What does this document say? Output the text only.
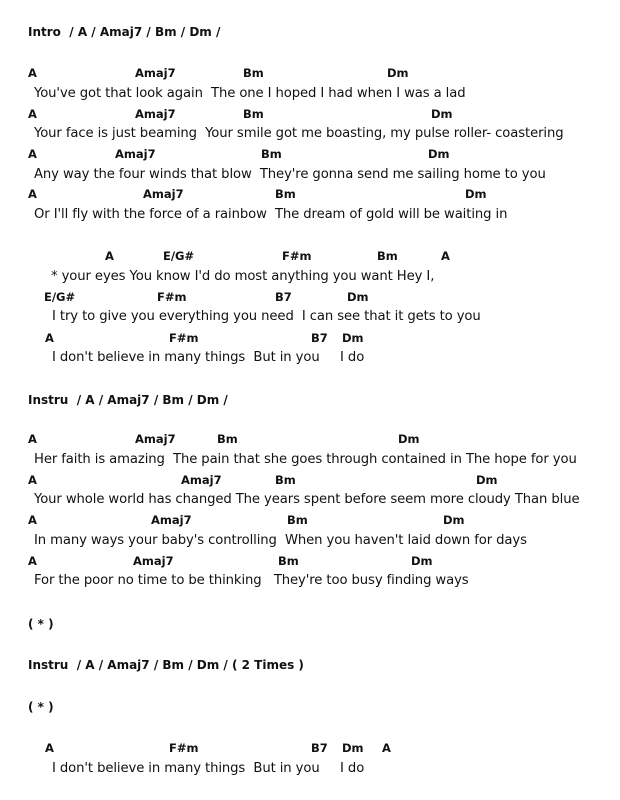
Intro  / A / Amaj7 / Bm / Dm /
A	Amaj7	Bm	Dm
You've got that look again  The one I hoped I had when I was a lad
A	Amaj7	Bm	Dm
Your face is just beaming  Your smile got me boasting, my pulse roller- coastering
A	Amaj7	Bm	Dm
Any way the four winds that blow  They're gonna send me sailing home to you
A	Amaj7	Bm	Dm
Or I'll fly with the force of a rainbow  The dream of gold will be waiting in
A	E/G#	F#m	Bm	A
* your eyes You know I'd do most anything you want Hey I,
E/G#	F#m	B7	Dm
I try to give you everything you need  I can see that it gets to you
A	F#m	B7 Dm
I don't believe in many things  But in you     I do
Instru  / A / Amaj7 / Bm / Dm /
A	Amaj7	Bm	Dm
Her faith is amazing  The pain that she goes through contained in The hope for you
A	Amaj7	Bm	Dm
Your whole world has changed The years spent before seem more cloudy Than blue
A	Amaj7	Bm	Dm
In many ways your baby's controlling  When you haven't laid down for days
A	Amaj7	Bm	Dm
For the poor no time to be thinking   They're too busy finding ways
( * )
Instru  / A / Amaj7 / Bm / Dm / ( 2 Times )
( * )
A	F#m	B7 Dm A
I don't believe in many things  But in you     I do
